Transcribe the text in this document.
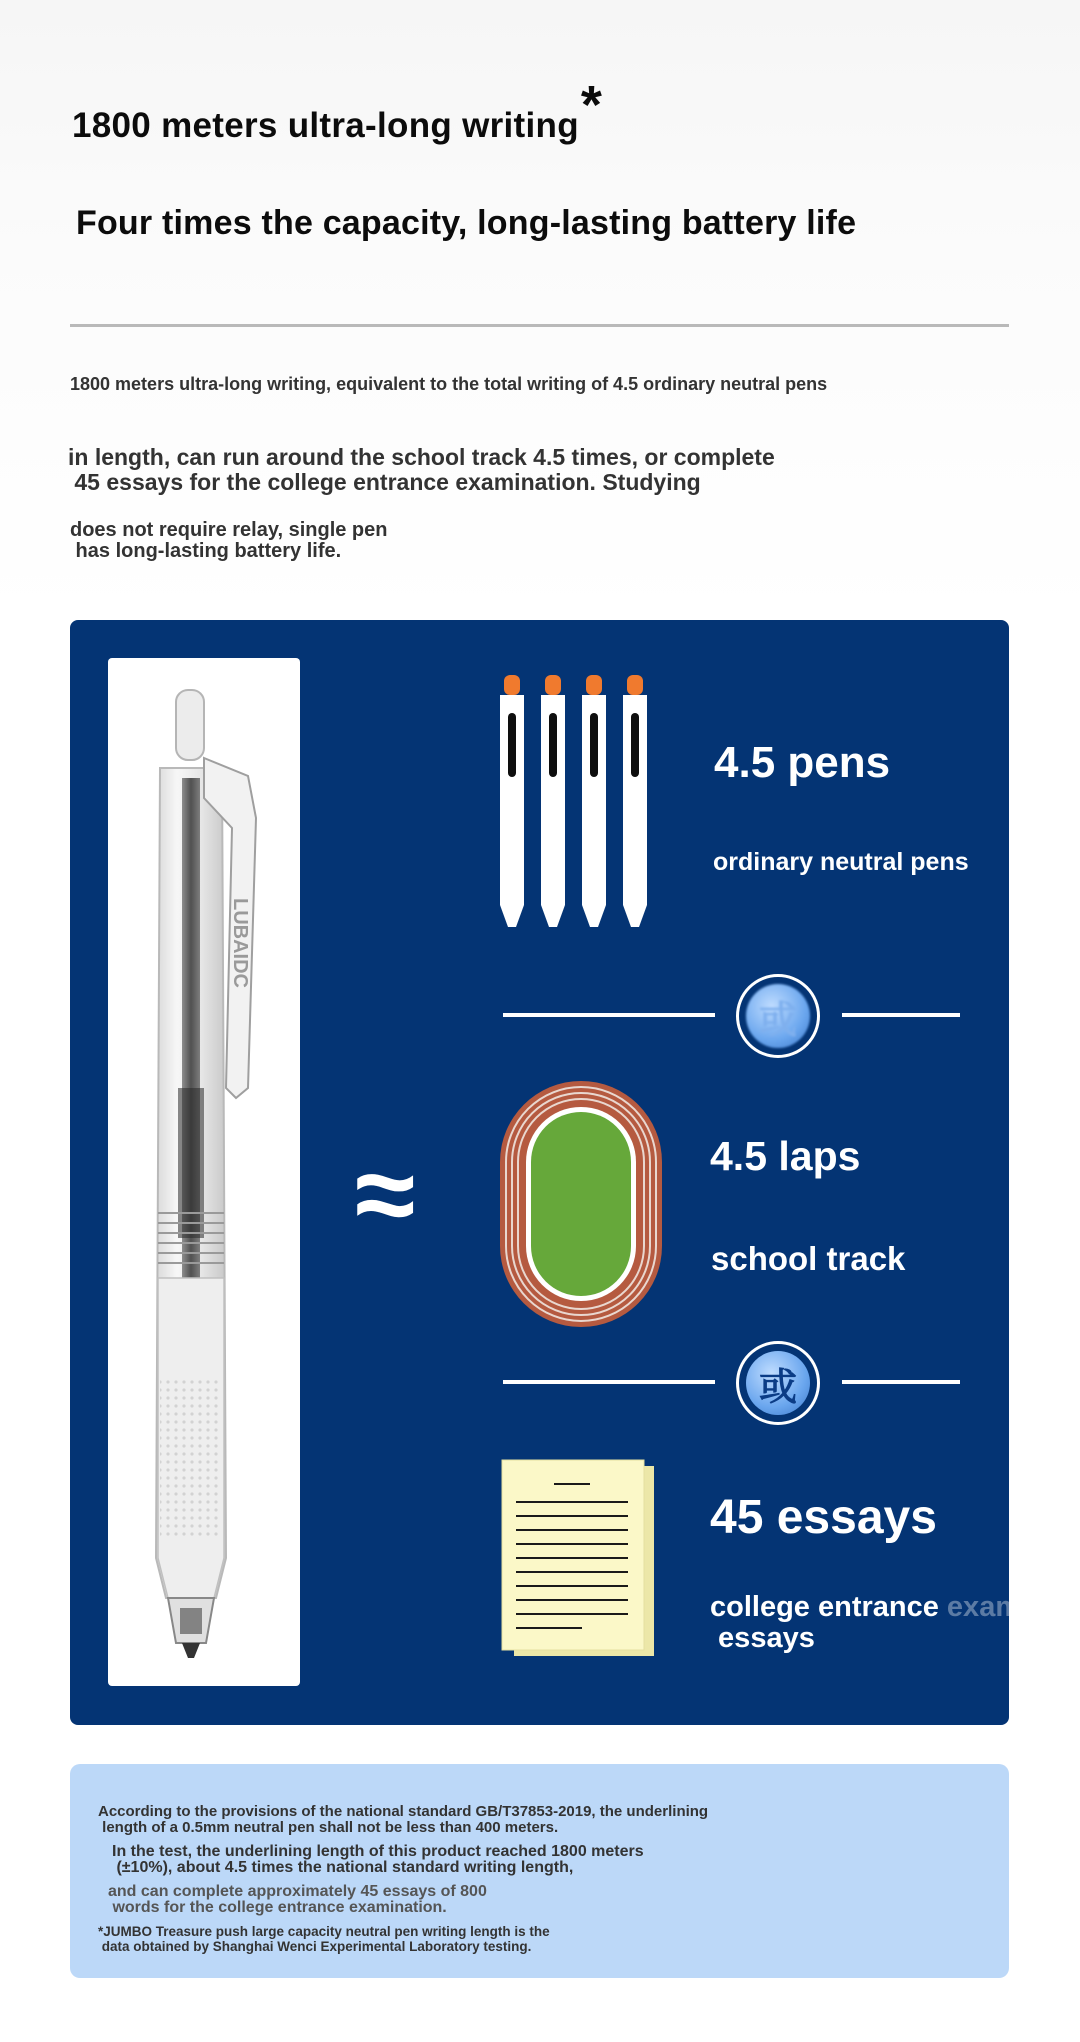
1800 meters ultra-long writing*
Four times the capacity, long-lasting battery life
1800 meters ultra-long writing, equivalent to the total writing of 4.5 ordinary neutral pens
in length, can run around the school track 4.5 times, or complete
45 essays for the college entrance examination. Studying
does not require relay, single pen
has long-lasting battery life.
LUBAIDC
≈
4.5 pens
ordinary neutral pens
或
4.5 laps
school track
或
45 essays
college entrance exam
essays

According to the provisions of the national standard GB/T37853-2019, the underlining
length of a 0.5mm neutral pen shall not be less than 400 meters.

In the test, the underlining length of this product reached 1800 meters
(±10%), about 4.5 times the national standard writing length,

and can complete approximately 45 essays of 800
words for the college entrance examination.

*JUMBO Treasure push large capacity neutral pen writing length is the
data obtained by Shanghai Wenci Experimental Laboratory testing.
